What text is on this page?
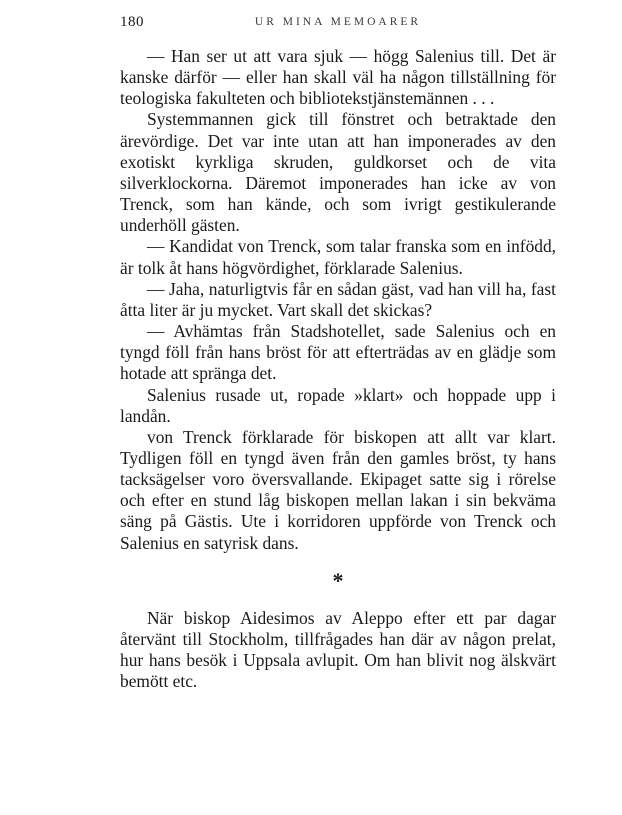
180	UR MINA MEMOARER

— Han ser ut att vara sjuk — högg Salenius till. Det är kanske därför — eller han skall väl ha någon tillställning för teologiska fakulteten och bibliotekstjänstemännen . . .

Systemmannen gick till fönstret och betraktade den ärevördige. Det var inte utan att han imponerades av den exotiskt kyrkliga skruden, guldkorset och de vita silverklockorna. Däremot imponerades han icke av von Trenck, som han kände, och som ivrigt gestikulerande underhöll gästen.

— Kandidat von Trenck, som talar franska som en infödd, är tolk åt hans högvördighet, förklarade Salenius.

— Jaha, naturligtvis får en sådan gäst, vad han vill ha, fast åtta liter är ju mycket. Vart skall det skickas?

— Avhämtas från Stadshotellet, sade Salenius och en tyngd föll från hans bröst för att efterträdas av en glädje som hotade att spränga det.

Salenius rusade ut, ropade »klart» och hoppade upp i landån.

von Trenck förklarade för biskopen att allt var klart. Tydligen föll en tyngd även från den gamles bröst, ty hans tacksägelser voro översvallande. Ekipaget satte sig i rörelse och efter en stund låg biskopen mellan lakan i sin bekväma säng på Gästis. Ute i korridoren uppförde von Trenck och Salenius en satyrisk dans.

*

När biskop Aidesimos av Aleppo efter ett par dagar återvänt till Stockholm, tillfrågades han där av någon prelat, hur hans besök i Uppsala avlupit. Om han blivit nog älskvärt bemött etc.
